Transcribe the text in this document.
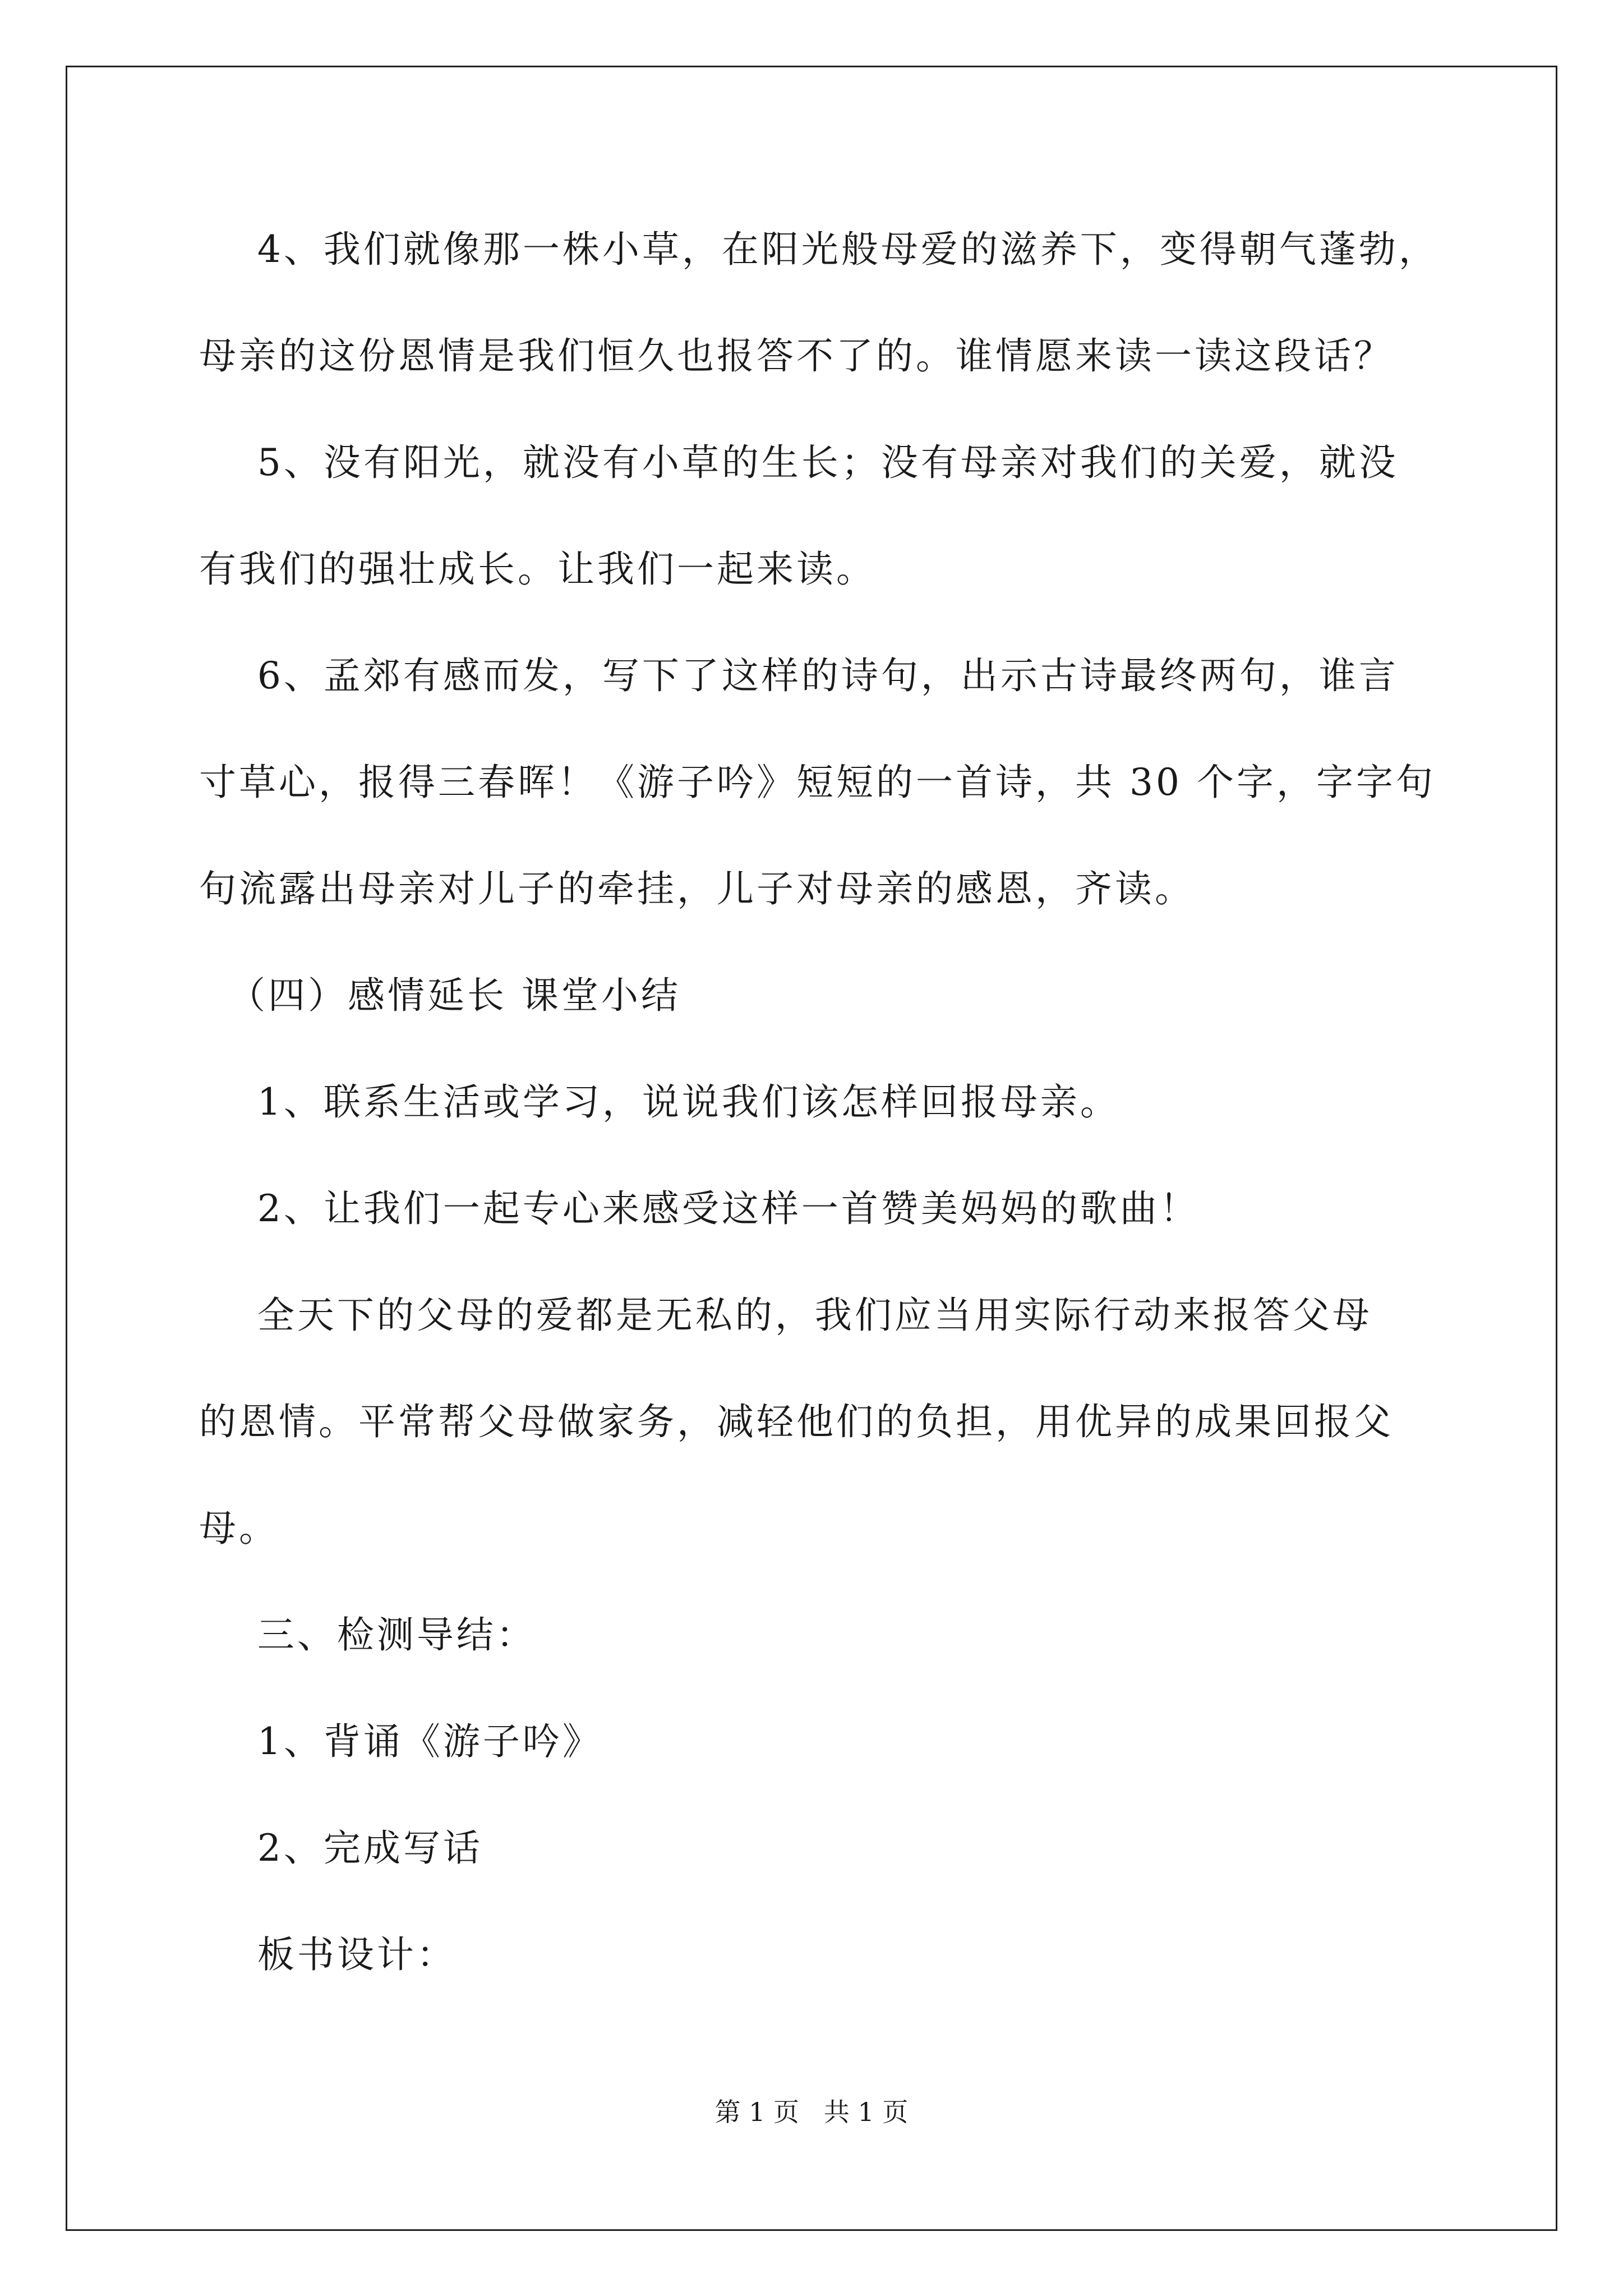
4、我们就像那一株小草，在阳光般母爱的滋养下，变得朝气蓬勃，
母亲的这份恩情是我们恒久也报答不了的。谁情愿来读一读这段话？
5、没有阳光，就没有小草的生长；没有母亲对我们的关爱，就没
有我们的强壮成长。让我们一起来读。
6、孟郊有感而发，写下了这样的诗句，出示古诗最终两句，谁言
寸草心，报得三春晖！《游子吟》短短的一首诗，共 30 个字，字字句
句流露出母亲对儿子的牵挂，儿子对母亲的感恩，齐读。
（四）感情延长 课堂小结
1、联系生活或学习，说说我们该怎样回报母亲。
2、让我们一起专心来感受这样一首赞美妈妈的歌曲！
全天下的父母的爱都是无私的，我们应当用实际行动来报答父母
的恩情。平常帮父母做家务，减轻他们的负担，用优异的成果回报父
母。
三、检测导结：
1、背诵《游子吟》
2、完成写话
板书设计：
第 1 页   共 1 页
